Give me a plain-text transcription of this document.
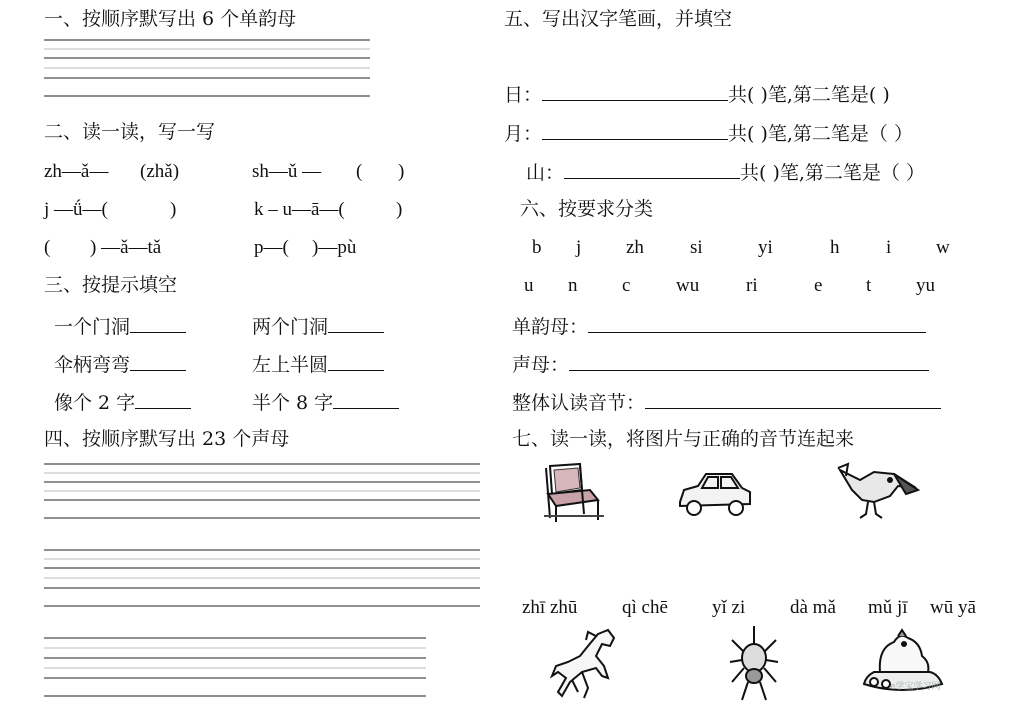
一、按顺序默写出 6 个单韵母
二、读一读，写一写
zh—ǎ— (zhǎ)	sh—ǔ — ( )
j —ǘ—(	)	k – u—ā—(	)
( ) —ǎ—tǎ	p—( )—pù
三、按提示填空
一个门洞	两个门洞
伞柄弯弯	左上半圆
像个 2 字	半个 8 字
四、按顺序默写出 23 个声母
五、写出汉字笔画，并填空
日：	共( )笔,第二笔是( )
月：	共( )笔,第二笔是（ ）
山：	共( )笔,第二笔是（ ）
六、按要求分类
b j zh si	yi	h i w
u n c wu ri	e t yu
单韵母：
声母：
整体认读音节：
七、读一读，将图片与正确的音节连起来
zhī zhū qì chē yǐ zi dà mǎ mǔ jī wū yā
e学宝学习网
